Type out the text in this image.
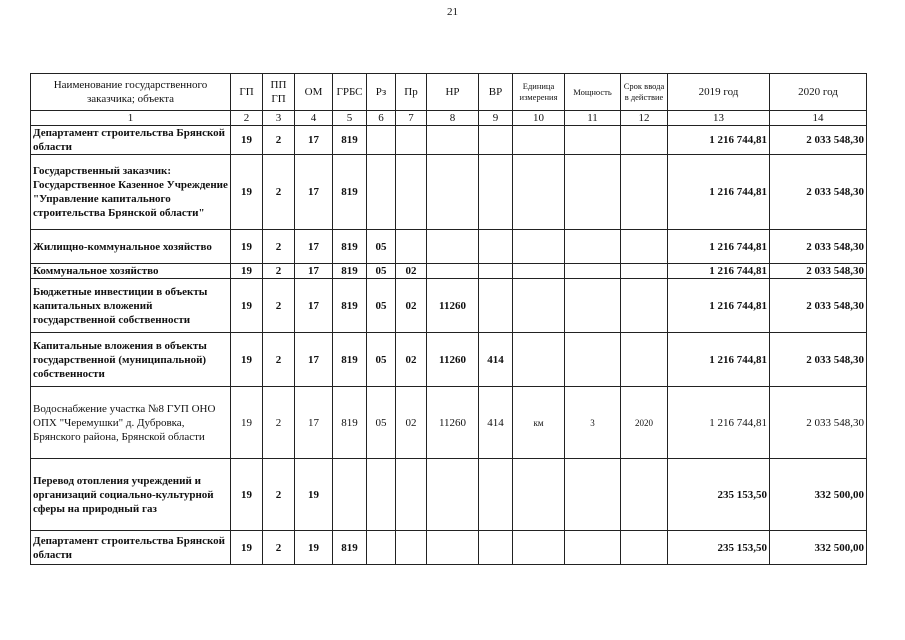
21
Наименование государственного заказчика; объекта	ГП	ПП ГП	ОМ	ГРБС	Рз	Пр	НР	ВР	Единица измерения	Мощность	Срок ввода в действие	2019 год	2020 год
1	2	3	4	5	6	7	8	9	10	11	12	13	14
Департамент строительства Брянской области	19	2	17	819								1 216 744,81	2 033 548,30
Государственный заказчик: Государственное Казенное Учреждение "Управление капитального строительства Брянской области"	19	2	17	819								1 216 744,81	2 033 548,30
Жилищно-коммунальное хозяйство	19	2	17	819	05							1 216 744,81	2 033 548,30
Коммунальное хозяйство	19	2	17	819	05	02						1 216 744,81	2 033 548,30
Бюджетные инвестиции в объекты капитальных вложений государственной собственности	19	2	17	819	05	02	11260					1 216 744,81	2 033 548,30
Капитальные вложения в объекты государственной (муниципальной) собственности	19	2	17	819	05	02	11260	414				1 216 744,81	2 033 548,30
Водоснабжение участка №8 ГУП ОНО ОПХ "Черемушки" д. Дубровка, Брянского района, Брянской области	19	2	17	819	05	02	11260	414	км	3	2020	1 216 744,81	2 033 548,30
Перевод отопления учреждений и организаций социально-культурной сферы на природный газ	19	2	19									235 153,50	332 500,00
Департамент строительства Брянской области	19	2	19	819								235 153,50	332 500,00
